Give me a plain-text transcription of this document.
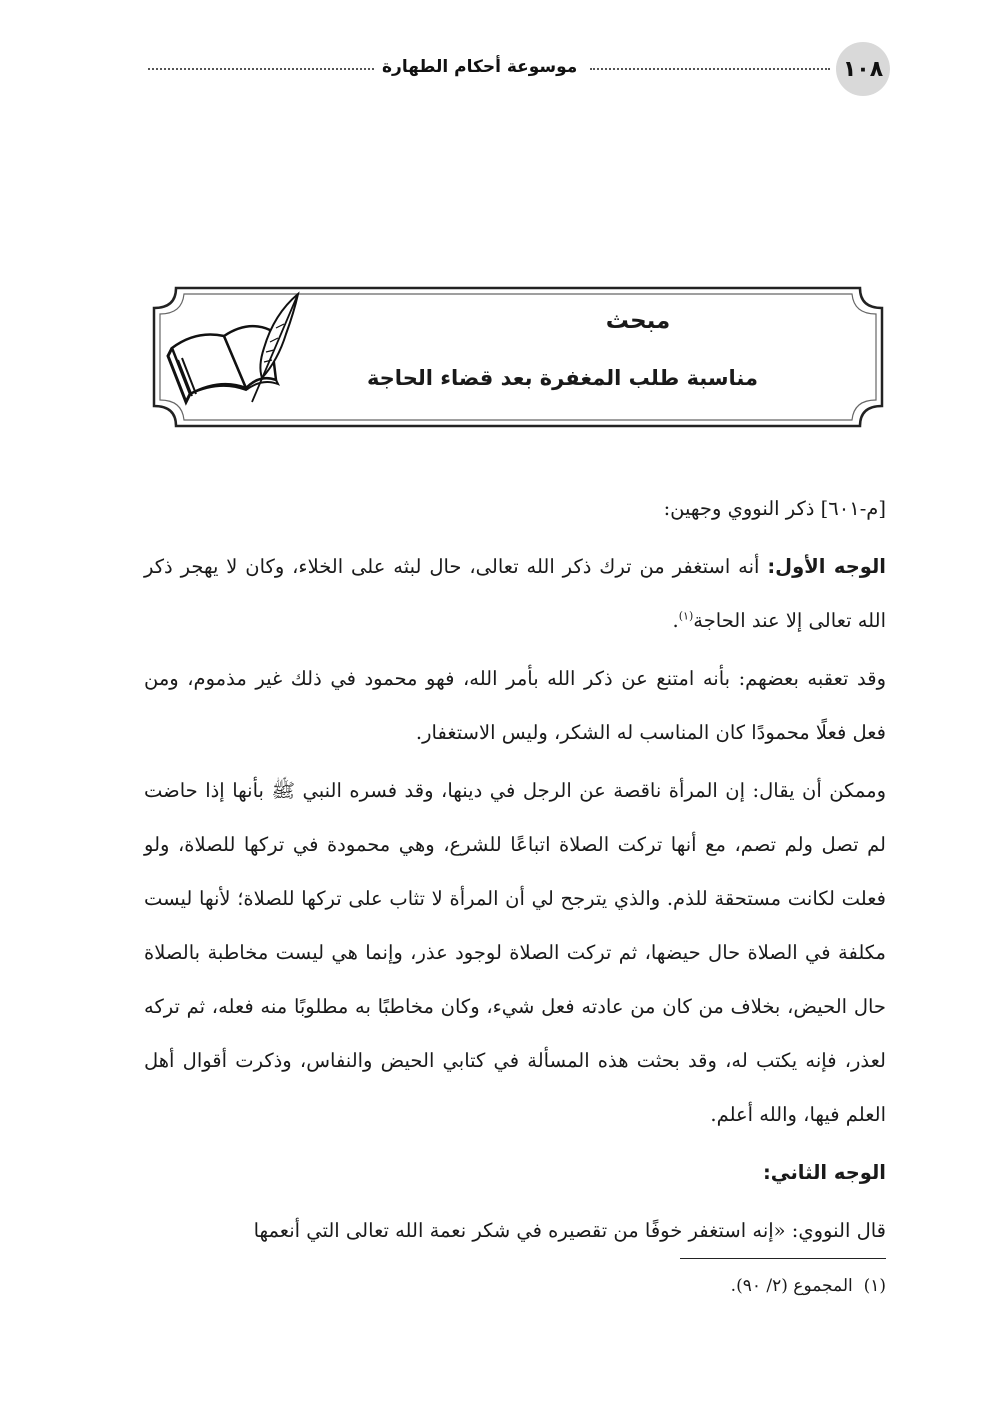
١٠٨
موسوعة أحكام الطهارة
مبحث
مناسبة طلب المغفرة بعد قضاء الحاجة

[م-٦٠١] ذكر النووي وجهين:

الوجه الأول: أنه استغفر من ترك ذكر الله تعالى، حال لبثه على الخلاء، وكان لا يهجر ذكر الله تعالى إلا عند الحاجة$^{(١)}$.

وقد تعقبه بعضهم: بأنه امتنع عن ذكر الله بأمر الله، فهو محمود في ذلك غير مذموم، ومن فعل فعلًا محمودًا كان المناسب له الشكر، وليس الاستغفار.

وممكن أن يقال: إن المرأة ناقصة عن الرجل في دينها، وقد فسره النبي ﷺ بأنها إذا حاضت لم تصل ولم تصم، مع أنها تركت الصلاة اتباعًا للشرع، وهي محمودة في تركها للصلاة، ولو فعلت لكانت مستحقة للذم. والذي يترجح لي أن المرأة لا تثاب على تركها للصلاة؛ لأنها ليست مكلفة في الصلاة حال حيضها، ثم تركت الصلاة لوجود عذر، وإنما هي ليست مخاطبة بالصلاة حال الحيض، بخلاف من كان من عادته فعل شيء، وكان مخاطبًا به مطلوبًا منه فعله، ثم تركه لعذر، فإنه يكتب له، وقد بحثت هذه المسألة في كتابي الحيض والنفاس، وذكرت أقوال أهل العلم فيها، والله أعلم.

الوجه الثاني:

قال النووي: «إنه استغفر خوفًا من تقصيره في شكر نعمة الله تعالى التي أنعمها

(١)  المجموع (٢/ ٩٠).
